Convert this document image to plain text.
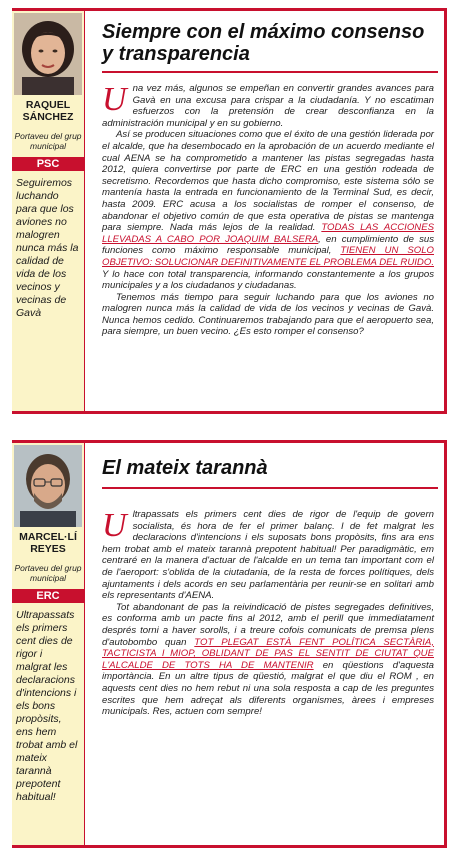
RAQUEL
SÁNCHEZ
Portaveu del grup municipal
PSC
Seguiremos luchando para que los aviones no malogren nunca más la calidad de vida de los vecinos y vecinas de Gavà
Siempre con el máximo consenso y transparencia

Una vez más, algunos se empeñan en convertir grandes avances para Gavà en una excusa para crispar a la ciudadanía. Y no escatiman esfuerzos con la pretensión de crear desconfianza en la administración municipal y en su gobierno.

Así se producen situaciones como que el éxito de una gestión liderada por el alcalde, que ha desembocado en la aprobación de un acuerdo mediante el cual AENA se ha comprometido a mantener las pistas segregadas hasta 2012, quiera convertirse por parte de ERC en una gestión rodeada de secretismo. Recordemos que hasta dicho compromiso, este sistema sólo se mantenía hasta la entrada en funcionamiento de la Terminal Sud, es decir, hasta 2009. ERC acusa a los socialistas de romper el consenso, de abandonar el objetivo común de que esta operativa de pistas se mantenga para siempre. Nada más lejos de la realidad. TODAS LAS ACCIONES LLEVADAS A CABO POR JOAQUIM BALSERA, en cumplimiento de sus funciones como máximo responsable municipal, TIENEN UN SOLO OBJETIVO: SOLUCIONAR DEFINITIVAMENTE EL PROBLEMA DEL RUIDO. Y lo hace con total transparencia, informando constantemente a los grupos municipales y a los ciudadanos y ciudadanas.

Tenemos más tiempo para seguir luchando para que los aviones no malogren nunca más la calidad de vida de los vecinos y vecinas de Gavà. Nunca hemos cedido. Continuaremos trabajando para que el aeropuerto sea, para siempre, un buen vecino. ¿Es esto romper el consenso?

MARCEL·LÍ
REYES
Portaveu del grup municipal
ERC
Ultrapassats els primers cent dies de rigor i malgrat les declaracions d'intencions i els bons propòsits, ens hem trobat amb el mateix tarannà prepotent habitual!
El mateix tarannà

Ultrapassats els primers cent dies de rigor de l'equip de govern socialista, és hora de fer el primer balanç. I de fet malgrat les declaracions d'intencions i els suposats bons propòsits, fins ara ens hem trobat amb el mateix tarannà prepotent habitual! Per paradigmàtic, em centraré en la manera d'actuar de l'alcalde en un tema tan important com el de l'aeroport: s'oblida de la ciutadania, de la resta de forces polítiques, dels ajuntaments i dels acords en seu parlamentària per reunir-se en solitari amb els representants d'AENA.

Tot abandonant de pas la reivindicació de pistes segregades definitives, es conforma amb un pacte fins al 2012, amb el perill que immediatament després torni a haver sorolls, i a treure cofois comunicats de premsa plens d'autobombo quan TOT PLEGAT ESTÀ FENT POLÍTICA SECTÀRIA, TACTICISTA I MIOP, OBLIDANT DE PAS EL SENTIT DE CIUTAT QUE L'ALCALDE DE TOTS HA DE MANTENIR en qüestions d'aquesta importància. En un altre tipus de qüestió, malgrat el que diu el ROM , en aquests cent dies no hem rebut ni una sola resposta a cap de les preguntes escrites que hem adreçat als diferents organismes, àrees i empreses municipals. Res, actuen com sempre!
